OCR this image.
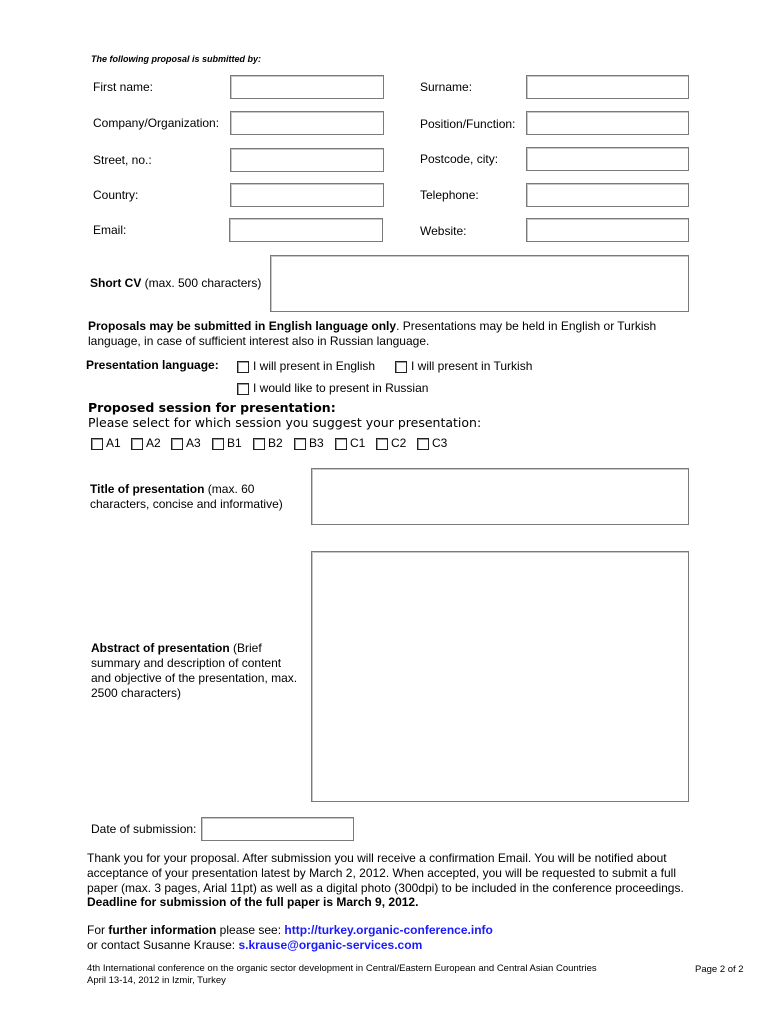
The following proposal is submitted by:
First name:	Surname:
Company/Organization:	Position/Function:
Street, no.:	Postcode, city:
Country:	Telephone:
Email:	Website:
Short CV (max. 500 characters)
Proposals may be submitted in English language only. Presentations may be held in English or Turkish
language, in case of sufficient interest also in Russian language.
Presentation language:	I will present in English	I will present in Turkish
I would like to present in Russian
Proposed session for presentation:
Please select for which session you suggest your presentation:
A1 A2 A3 B1 B2 B3 C1 C2 C3
Title of presentation (max. 60
characters, concise and informative)
Abstract of presentation (Brief
summary and description of content
and objective of the presentation, max.
2500 characters)
Date of submission:
Thank you for your proposal. After submission you will receive a confirmation Email. You will be notified about
acceptance of your presentation latest by March 2, 2012. When accepted, you will be requested to submit a full
paper (max. 3 pages, Arial 11pt) as well as a digital photo (300dpi) to be included in the conference proceedings.
Deadline for submission of the full paper is March 9, 2012.
For further information please see: http://turkey.organic-conference.info
or contact Susanne Krause: s.krause@organic-services.com
4th International conference on the organic sector development in Central/Eastern European and Central Asian Countries
April 13-14, 2012 in Izmir, Turkey
Page 2 of 2
